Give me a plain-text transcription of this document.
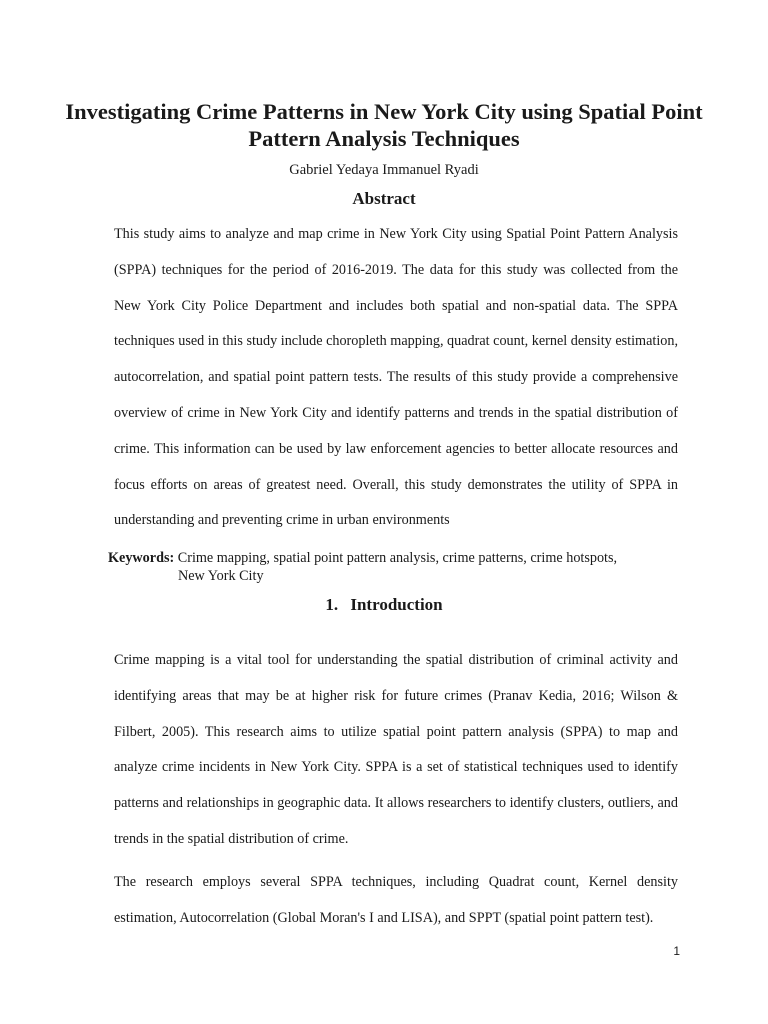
Investigating Crime Patterns in New York City using Spatial Point Pattern Analysis Techniques

Gabriel Yedaya Immanuel Ryadi

Abstract

This study aims to analyze and map crime in New York City using Spatial Point Pattern Analysis (SPPA) techniques for the period of 2016-2019. The data for this study was collected from the New York City Police Department and includes both spatial and non-spatial data. The SPPA techniques used in this study include choropleth mapping, quadrat count, kernel density estimation, autocorrelation, and spatial point pattern tests. The results of this study provide a comprehensive overview of crime in New York City and identify patterns and trends in the spatial distribution of crime. This information can be used by law enforcement agencies to better allocate resources and focus efforts on areas of greatest need. Overall, this study demonstrates the utility of SPPA in understanding and preventing crime in urban environments

Keywords: Crime mapping, spatial point pattern analysis, crime patterns, crime hotspots,
New York City
1. Introduction

Crime mapping is a vital tool for understanding the spatial distribution of criminal activity and identifying areas that may be at higher risk for future crimes (Pranav Kedia, 2016; Wilson & Filbert, 2005). This research aims to utilize spatial point pattern analysis (SPPA) to map and analyze crime incidents in New York City. SPPA is a set of statistical techniques used to identify patterns and relationships in geographic data. It allows researchers to identify clusters, outliers, and trends in the spatial distribution of crime.

The research employs several SPPA techniques, including Quadrat count, Kernel density estimation, Autocorrelation (Global Moran's I and LISA), and SPPT (spatial point pattern test).

1
